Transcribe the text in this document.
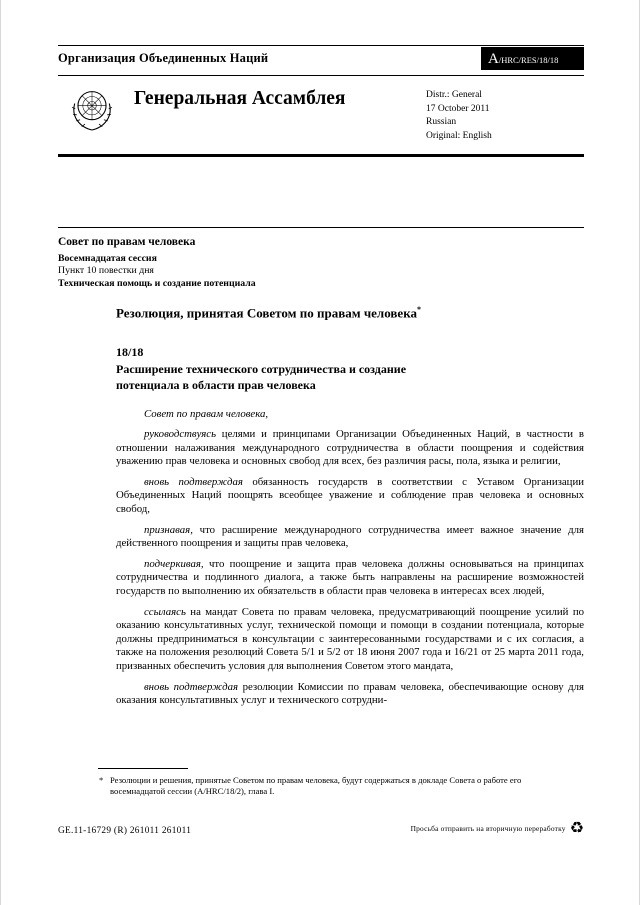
Организация Объединенных Наций	A /HRC/RES/18/18
Генеральная Ассамблея	Distr.: General
17 October 2011
Russian
Original: English
Совет по правам человека
Восемнадцатая сессия
Пункт 10 повестки дня
Техническая помощь и создание потенциала
Резолюция, принятая Советом по правам человека*
18/18
Расширение технического сотрудничества и создание потенциала в области прав человека
Совет по правам человека,

руководствуясь целями и принципами Организации Объединенных Наций, в частности в отношении налаживания международного сотрудничества в области поощрения и содействия уважению прав человека и основных свобод для всех, без различия расы, пола, языка и религии,

вновь подтверждая обязанность государств в соответствии с Уставом Организации Объединенных Наций поощрять всеобщее уважение и соблюдение прав человека и основных свобод,

признавая, что расширение международного сотрудничества имеет важное значение для действенного поощрения и защиты прав человека,

подчеркивая, что поощрение и защита прав человека должны основываться на принципах сотрудничества и подлинного диалога, а также быть направлены на расширение возможностей государств по выполнению их обязательств в области прав человека в интересах всех людей,

ссылаясь на мандат Совета по правам человека, предусматривающий поощрение усилий по оказанию консультативных услуг, технической помощи и помощи в создании потенциала, которые должны предприниматься в консультации с заинтересованными государствами и с их согласия, а также на положения резолюций Совета 5/1 и 5/2 от 18 июня 2007 года и 16/21 от 25 марта 2011 года, призванных обеспечить условия для выполнения Советом этого мандата,

вновь подтверждая резолюции Комиссии по правам человека, обеспечивающие основу для оказания консультативных услуг и технического сотрудни-

* Резолюции и решения, принятые Советом по правам человека, будут содержаться в докладе Совета о работе его восемнадцатой сессии (A/HRC/18/2), глава I.
GE.11-16729 (R) 261011 261011	Просьба отправить на вторичную переработку ♻
